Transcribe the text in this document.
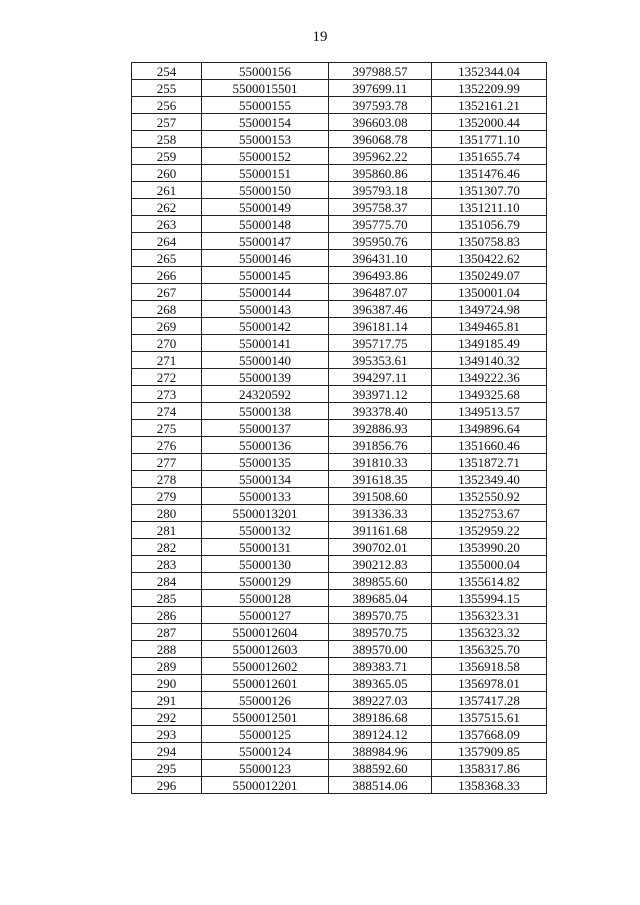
19
254	55000156	397988.57	1352344.04
255	5500015501	397699.11	1352209.99
256	55000155	397593.78	1352161.21
257	55000154	396603.08	1352000.44
258	55000153	396068.78	1351771.10
259	55000152	395962.22	1351655.74
260	55000151	395860.86	1351476.46
261	55000150	395793.18	1351307.70
262	55000149	395758.37	1351211.10
263	55000148	395775.70	1351056.79
264	55000147	395950.76	1350758.83
265	55000146	396431.10	1350422.62
266	55000145	396493.86	1350249.07
267	55000144	396487.07	1350001.04
268	55000143	396387.46	1349724.98
269	55000142	396181.14	1349465.81
270	55000141	395717.75	1349185.49
271	55000140	395353.61	1349140.32
272	55000139	394297.11	1349222.36
273	24320592	393971.12	1349325.68
274	55000138	393378.40	1349513.57
275	55000137	392886.93	1349896.64
276	55000136	391856.76	1351660.46
277	55000135	391810.33	1351872.71
278	55000134	391618.35	1352349.40
279	55000133	391508.60	1352550.92
280	5500013201	391336.33	1352753.67
281	55000132	391161.68	1352959.22
282	55000131	390702.01	1353990.20
283	55000130	390212.83	1355000.04
284	55000129	389855.60	1355614.82
285	55000128	389685.04	1355994.15
286	55000127	389570.75	1356323.31
287	5500012604	389570.75	1356323.32
288	5500012603	389570.00	1356325.70
289	5500012602	389383.71	1356918.58
290	5500012601	389365.05	1356978.01
291	55000126	389227.03	1357417.28
292	5500012501	389186.68	1357515.61
293	55000125	389124.12	1357668.09
294	55000124	388984.96	1357909.85
295	55000123	388592.60	1358317.86
296	5500012201	388514.06	1358368.33
